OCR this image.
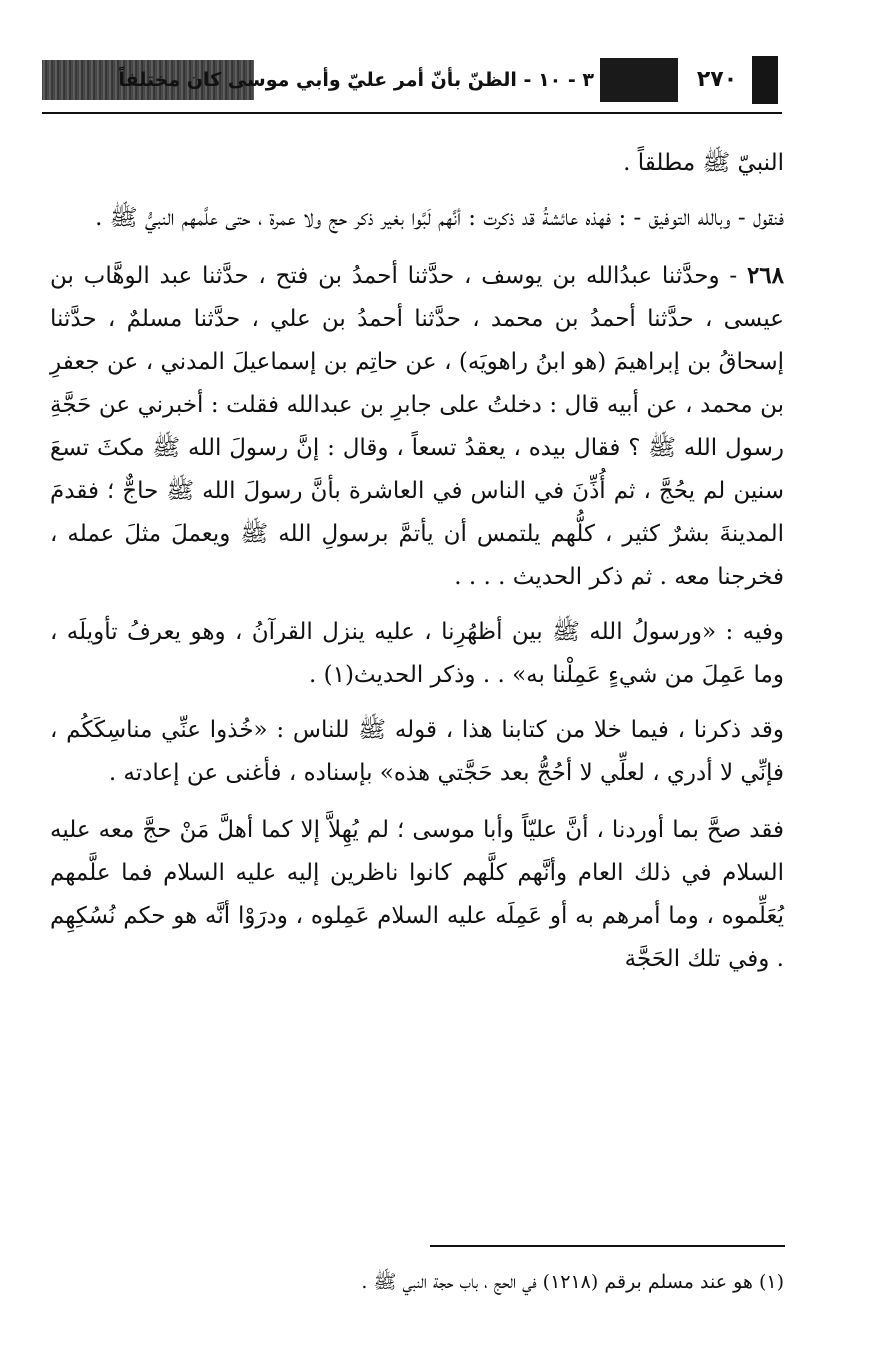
٣ - ١٠ - الظنّ بأنّ أمر عليّ وأبي موسى كان مختلفاً	٢٧٠

النبيّ ﷺ مطلقاً .

فنقول - وبالله التوفيق - : فهذه عائشةُ قد ذكرت : أنَّهم لَبَّوا بغير ذكر حج ولا عمرة ، حتى علَّمهم النبيُّ ﷺ .

٢٦٨ - وحدَّثنا عبدُالله بن يوسف ، حدَّثنا أحمدُ بن فتح ، حدَّثنا عبد الوهَّاب بن عيسى ، حدَّثنا أحمدُ بن محمد ، حدَّثنا أحمدُ بن علي ، حدَّثنا مسلمٌ ، حدَّثنا إسحاقُ بن إبراهيمَ (هو ابنُ راهويَه) ، عن حاتِم بن إسماعيلَ المدني ، عن جعفرِ بن محمد ، عن أبيه قال : دخلتُ على جابرِ بن عبدالله فقلت : أخبرني عن حَجَّةِ رسول الله ﷺ ؟ فقال بيده ، يعقدُ تسعاً ، وقال : إنَّ رسولَ الله ﷺ مكثَ تسعَ سنين لم يحُجَّ ، ثم أُذِّنَ في الناس في العاشرة بأنَّ رسولَ الله ﷺ حاجٌّ ؛ فقدمَ المدينةَ بشرٌ كثير ، كلُّهم يلتمس أن يأتمَّ برسولِ الله ﷺ ويعملَ مثلَ عمله ، فخرجنا معه . ثم ذكر الحديث . . . .

وفيه : «ورسولُ الله ﷺ بين أظهُرِنا ، عليه ينزل القرآنُ ، وهو يعرفُ تأويلَه ، وما عَمِلَ من شيءٍ عَمِلْنا به» . . وذكر الحديث(١) .

وقد ذكرنا ، فيما خلا من كتابنا هذا ، قوله ﷺ للناس : «خُذوا عنِّي مناسِكَكُم ، فإنِّي لا أدري ، لعلِّي لا أحُجُّ بعد حَجَّتي هذه» بإسناده ، فأغنى عن إعادته .

فقد صحَّ بما أوردنا ، أنَّ عليّاً وأبا موسى ؛ لم يُهِلاَّ إلا كما أهلَّ مَنْ حجَّ معه عليه السلام في ذلك العام وأنَّهم كلَّهم كانوا ناظرين إليه عليه السلام فما علَّمهم يُعَلِّموه ، وما أمرهم به أو عَمِلَه عليه السلام عَمِلوه ، ودرَوْا أنَّه هو حكم نُسُكِهِم . وفي تلك الحَجَّة

(١) هو عند مسلم برقم (١٢١٨) في الحج ، باب حجة النبي ﷺ .
